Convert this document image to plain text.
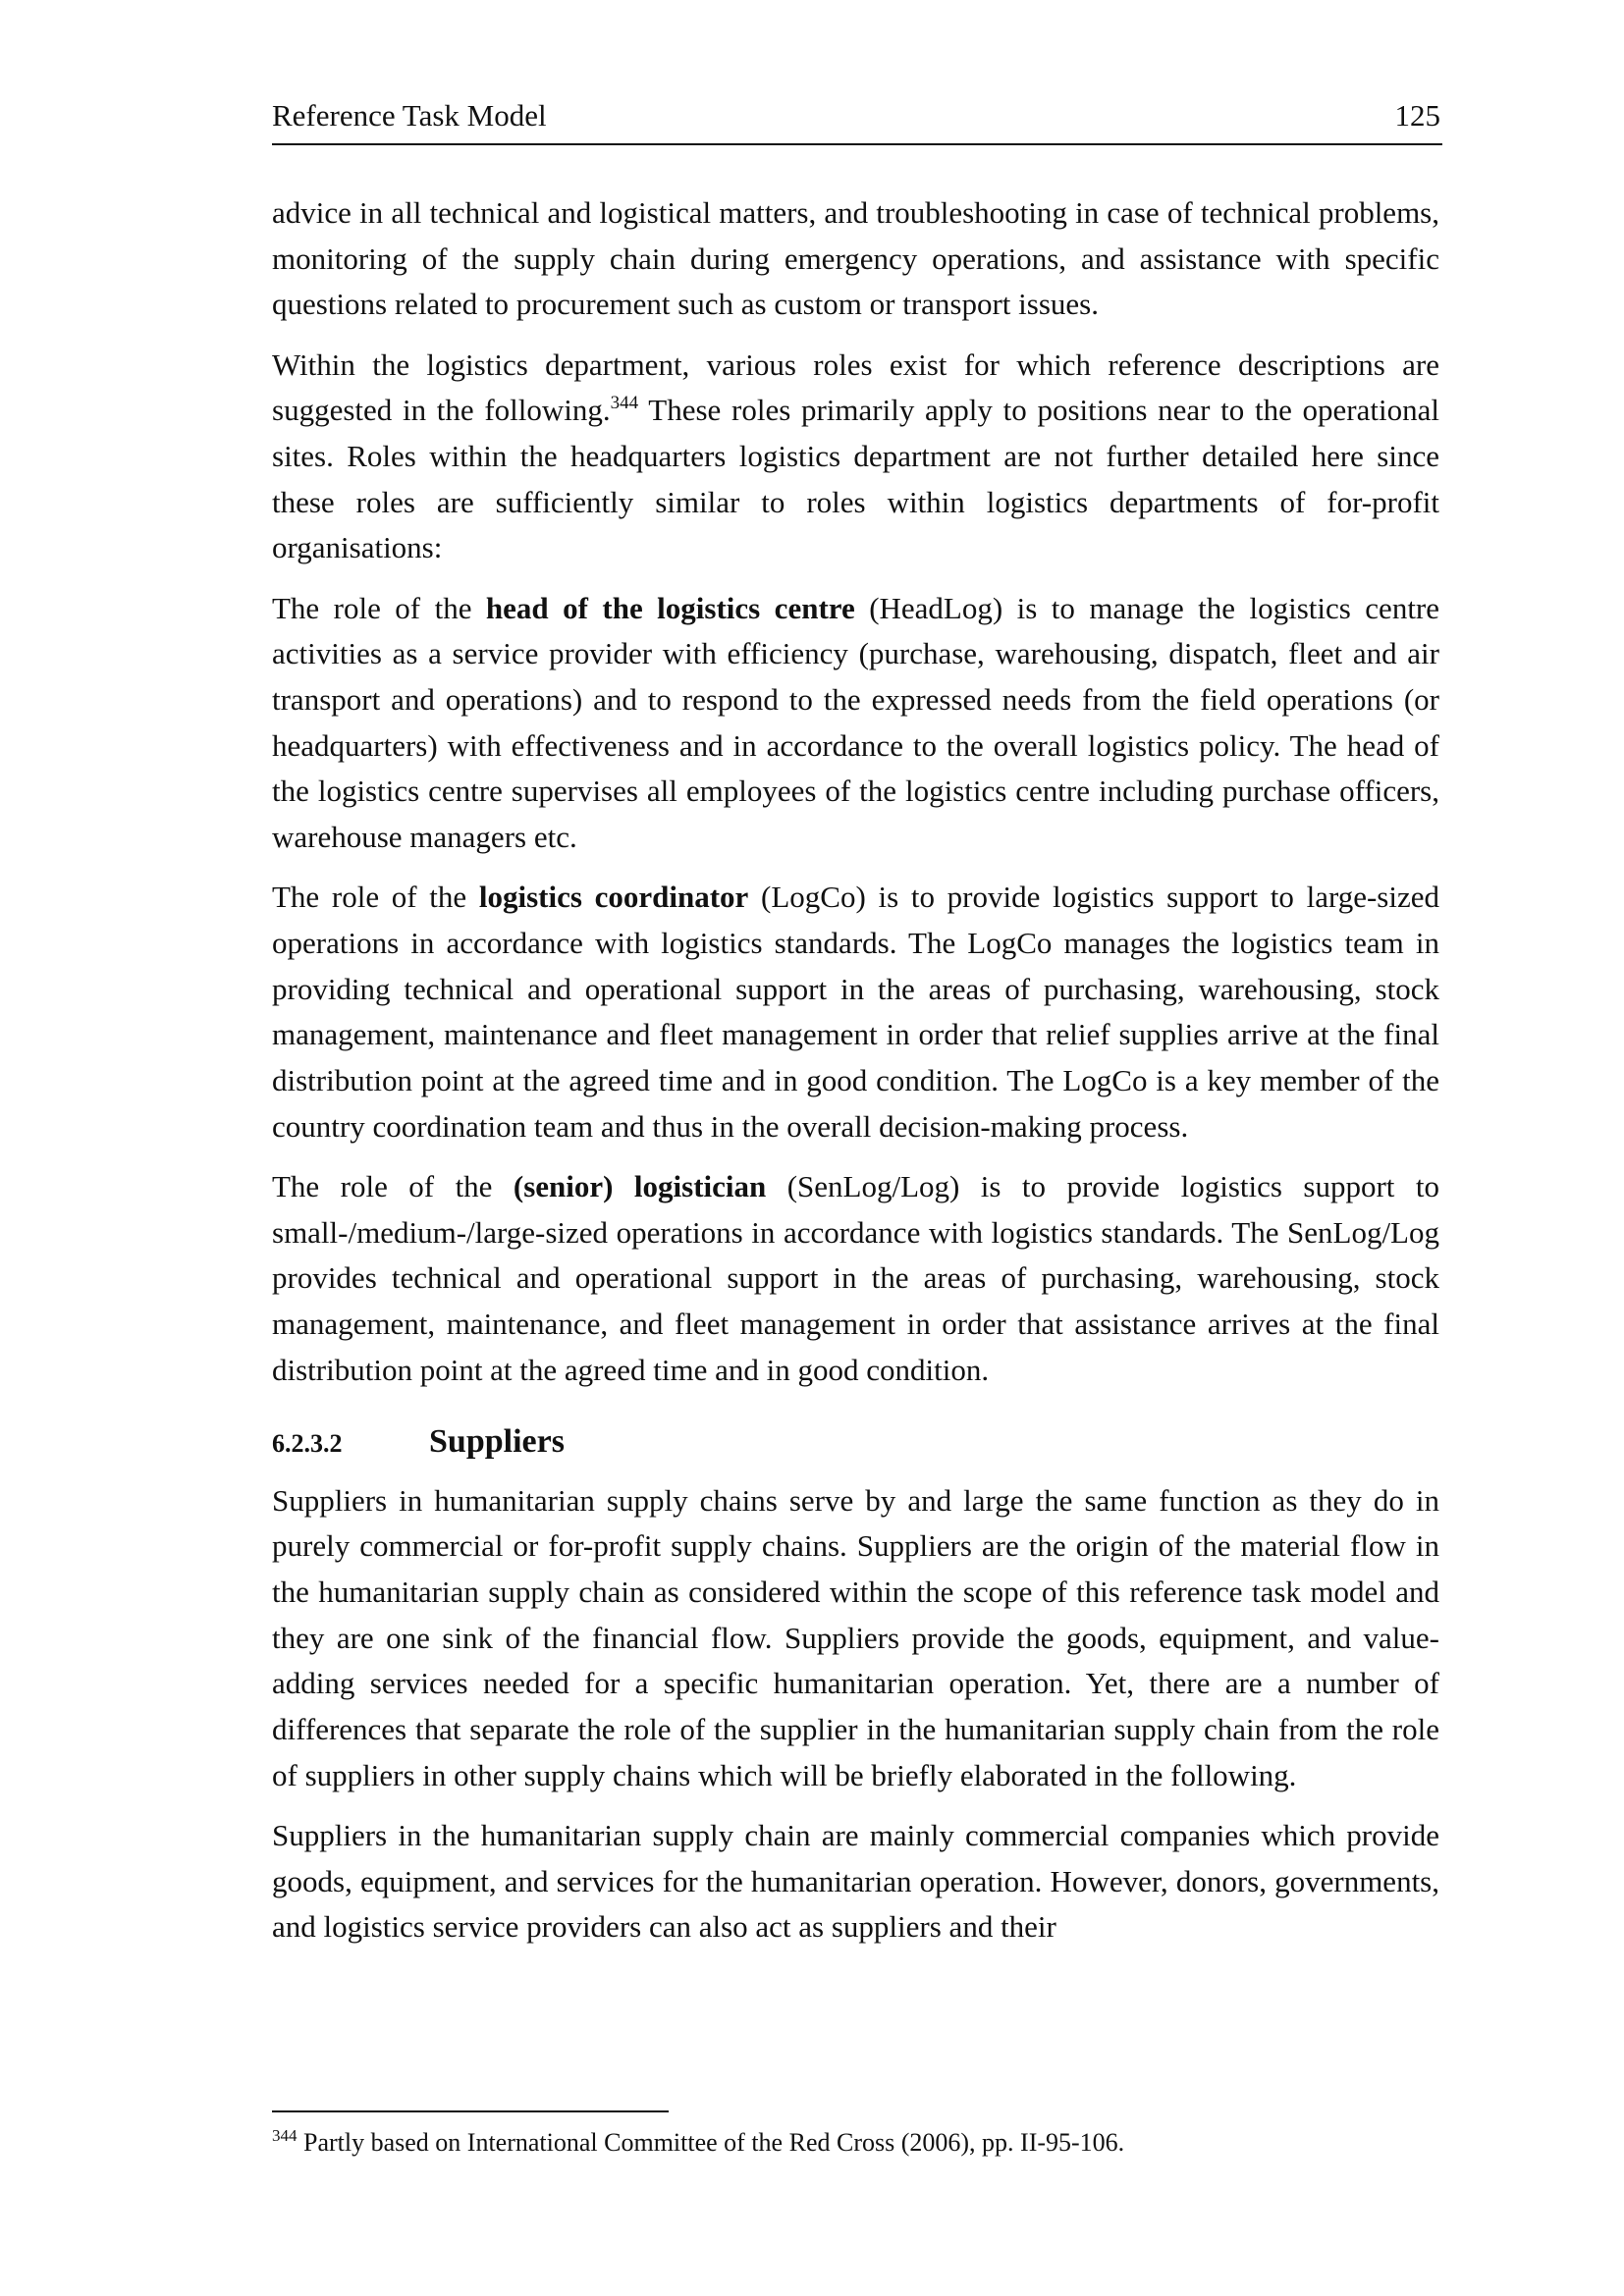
Reference Task Model	125

advice in all technical and logistical matters, and troubleshooting in case of technical problems, monitoring of the supply chain during emergency operations, and assistance with specific questions related to procurement such as custom or transport issues.

Within the logistics department, various roles exist for which reference descriptions are suggested in the following.$^{344}$ These roles primarily apply to positions near to the operational sites. Roles within the headquarters logistics department are not further detailed here since these roles are sufficiently similar to roles within logistics departments of for-profit organisations:

The role of the head of the logistics centre (HeadLog) is to manage the logistics centre activities as a service provider with efficiency (purchase, warehousing, dispatch, fleet and air transport and operations) and to respond to the expressed needs from the field operations (or headquarters) with effectiveness and in accordance to the overall logistics policy. The head of the logistics centre supervises all employees of the logistics centre including purchase officers, warehouse managers etc.

The role of the logistics coordinator (LogCo) is to provide logistics support to large-sized operations in accordance with logistics standards. The LogCo manages the logistics team in providing technical and operational support in the areas of purchasing, warehousing, stock management, maintenance and fleet management in order that relief supplies arrive at the final distribution point at the agreed time and in good condition. The LogCo is a key member of the country coordination team and thus in the overall decision-making process.

The role of the (senior) logistician (SenLog/Log) is to provide logistics support to small-/medium-/large-sized operations in accordance with logistics standards. The SenLog/Log provides technical and operational support in the areas of purchasing, warehousing, stock management, maintenance, and fleet management in order that assistance arrives at the final distribution point at the agreed time and in good condition.

6.2.3.2	Suppliers

Suppliers in humanitarian supply chains serve by and large the same function as they do in purely commercial or for-profit supply chains. Suppliers are the origin of the material flow in the humanitarian supply chain as considered within the scope of this reference task model and they are one sink of the financial flow. Suppliers provide the goods, equipment, and value-adding services needed for a specific humanitarian operation. Yet, there are a number of differences that separate the role of the supplier in the humanitarian supply chain from the role of suppliers in other supply chains which will be briefly elaborated in the following.

Suppliers in the humanitarian supply chain are mainly commercial companies which provide goods, equipment, and services for the humanitarian operation. However, donors, governments, and logistics service providers can also act as suppliers and their

$^{344}$ Partly based on International Committee of the Red Cross (2006), pp. II-95-106.
